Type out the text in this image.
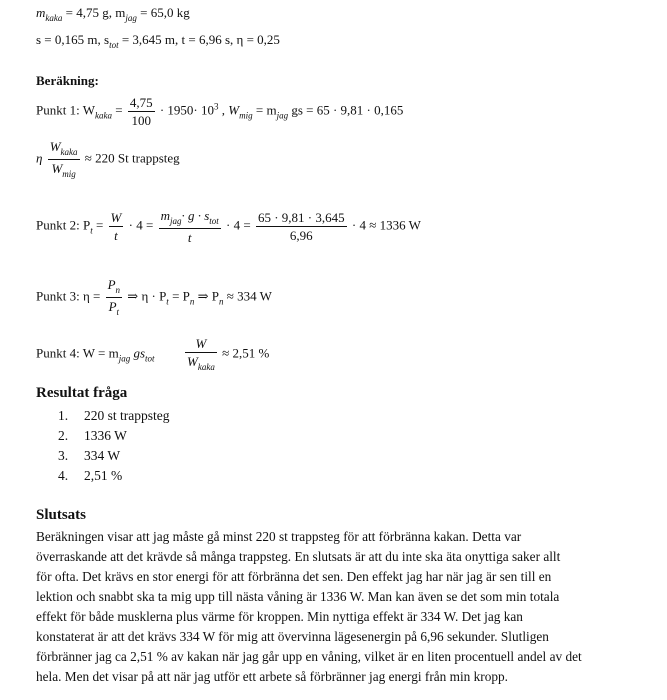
$m_{kaka} = 4,75$ g, $m_{jag} = 65,0$ kg
s = 0,165 m, $s_{tot} = 3,645$ m, t = 6,96 s, η = 0,25
Beräkning:
Punkt 1: $W_{kaka} = \frac{4,75}{100} \cdot 1950\cdot 10^3$ , $W_{mig} = m_{jag}$ gs = 65 · 9,81 · 0,165
η $\frac{W_{kaka}}{W_{mig}} \approx 220$ St trappsteg
Punkt 2: $P_t = \frac{W}{t} \cdot 4 = \frac{m_{jag}\cdot g \cdot s_{tot}}{t} \cdot 4 = \frac{65 \cdot 9,81 \cdot 3,645}{6,96} \cdot 4 \approx 1336$ W
Punkt 3: $\eta = \frac{P_n}{P_t}$ ⇒ $\eta \cdot P_t = P_n$ ⇒ $P_n \approx 334$ W
Punkt 4: $W = m_{jag}$ $gs_{tot} \frac{W}{W_{kaka}} \approx 2,51$ %
Resultat fråga
1. 220 st trappsteg
2. 1336 W
3. 334 W
4. 2,51 %
Slutsats
Beräkningen visar att jag måste gå minst 220 st trappsteg för att förbränna kakan. Detta var
överraskande att det krävde så många trappsteg. En slutsats är att du inte ska äta onyttiga saker allt
för ofta. Det krävs en stor energi för att förbränna det sen. Den effekt jag har när jag är sen till en
lektion och snabbt ska ta mig upp till nästa våning är 1336 W. Man kan även se det som min totala
effekt för både musklerna plus värme för kroppen. Min nyttiga effekt är 334 W. Det jag kan
konstaterat är att det krävs 334 W för mig att övervinna lägesenergin på 6,96 sekunder. Slutligen
förbränner jag ca 2,51 % av kakan när jag går upp en våning, vilket är en liten procentuell andel av det
hela. Men det visar på att när jag utför ett arbete så förbränner jag energi från min kropp.
